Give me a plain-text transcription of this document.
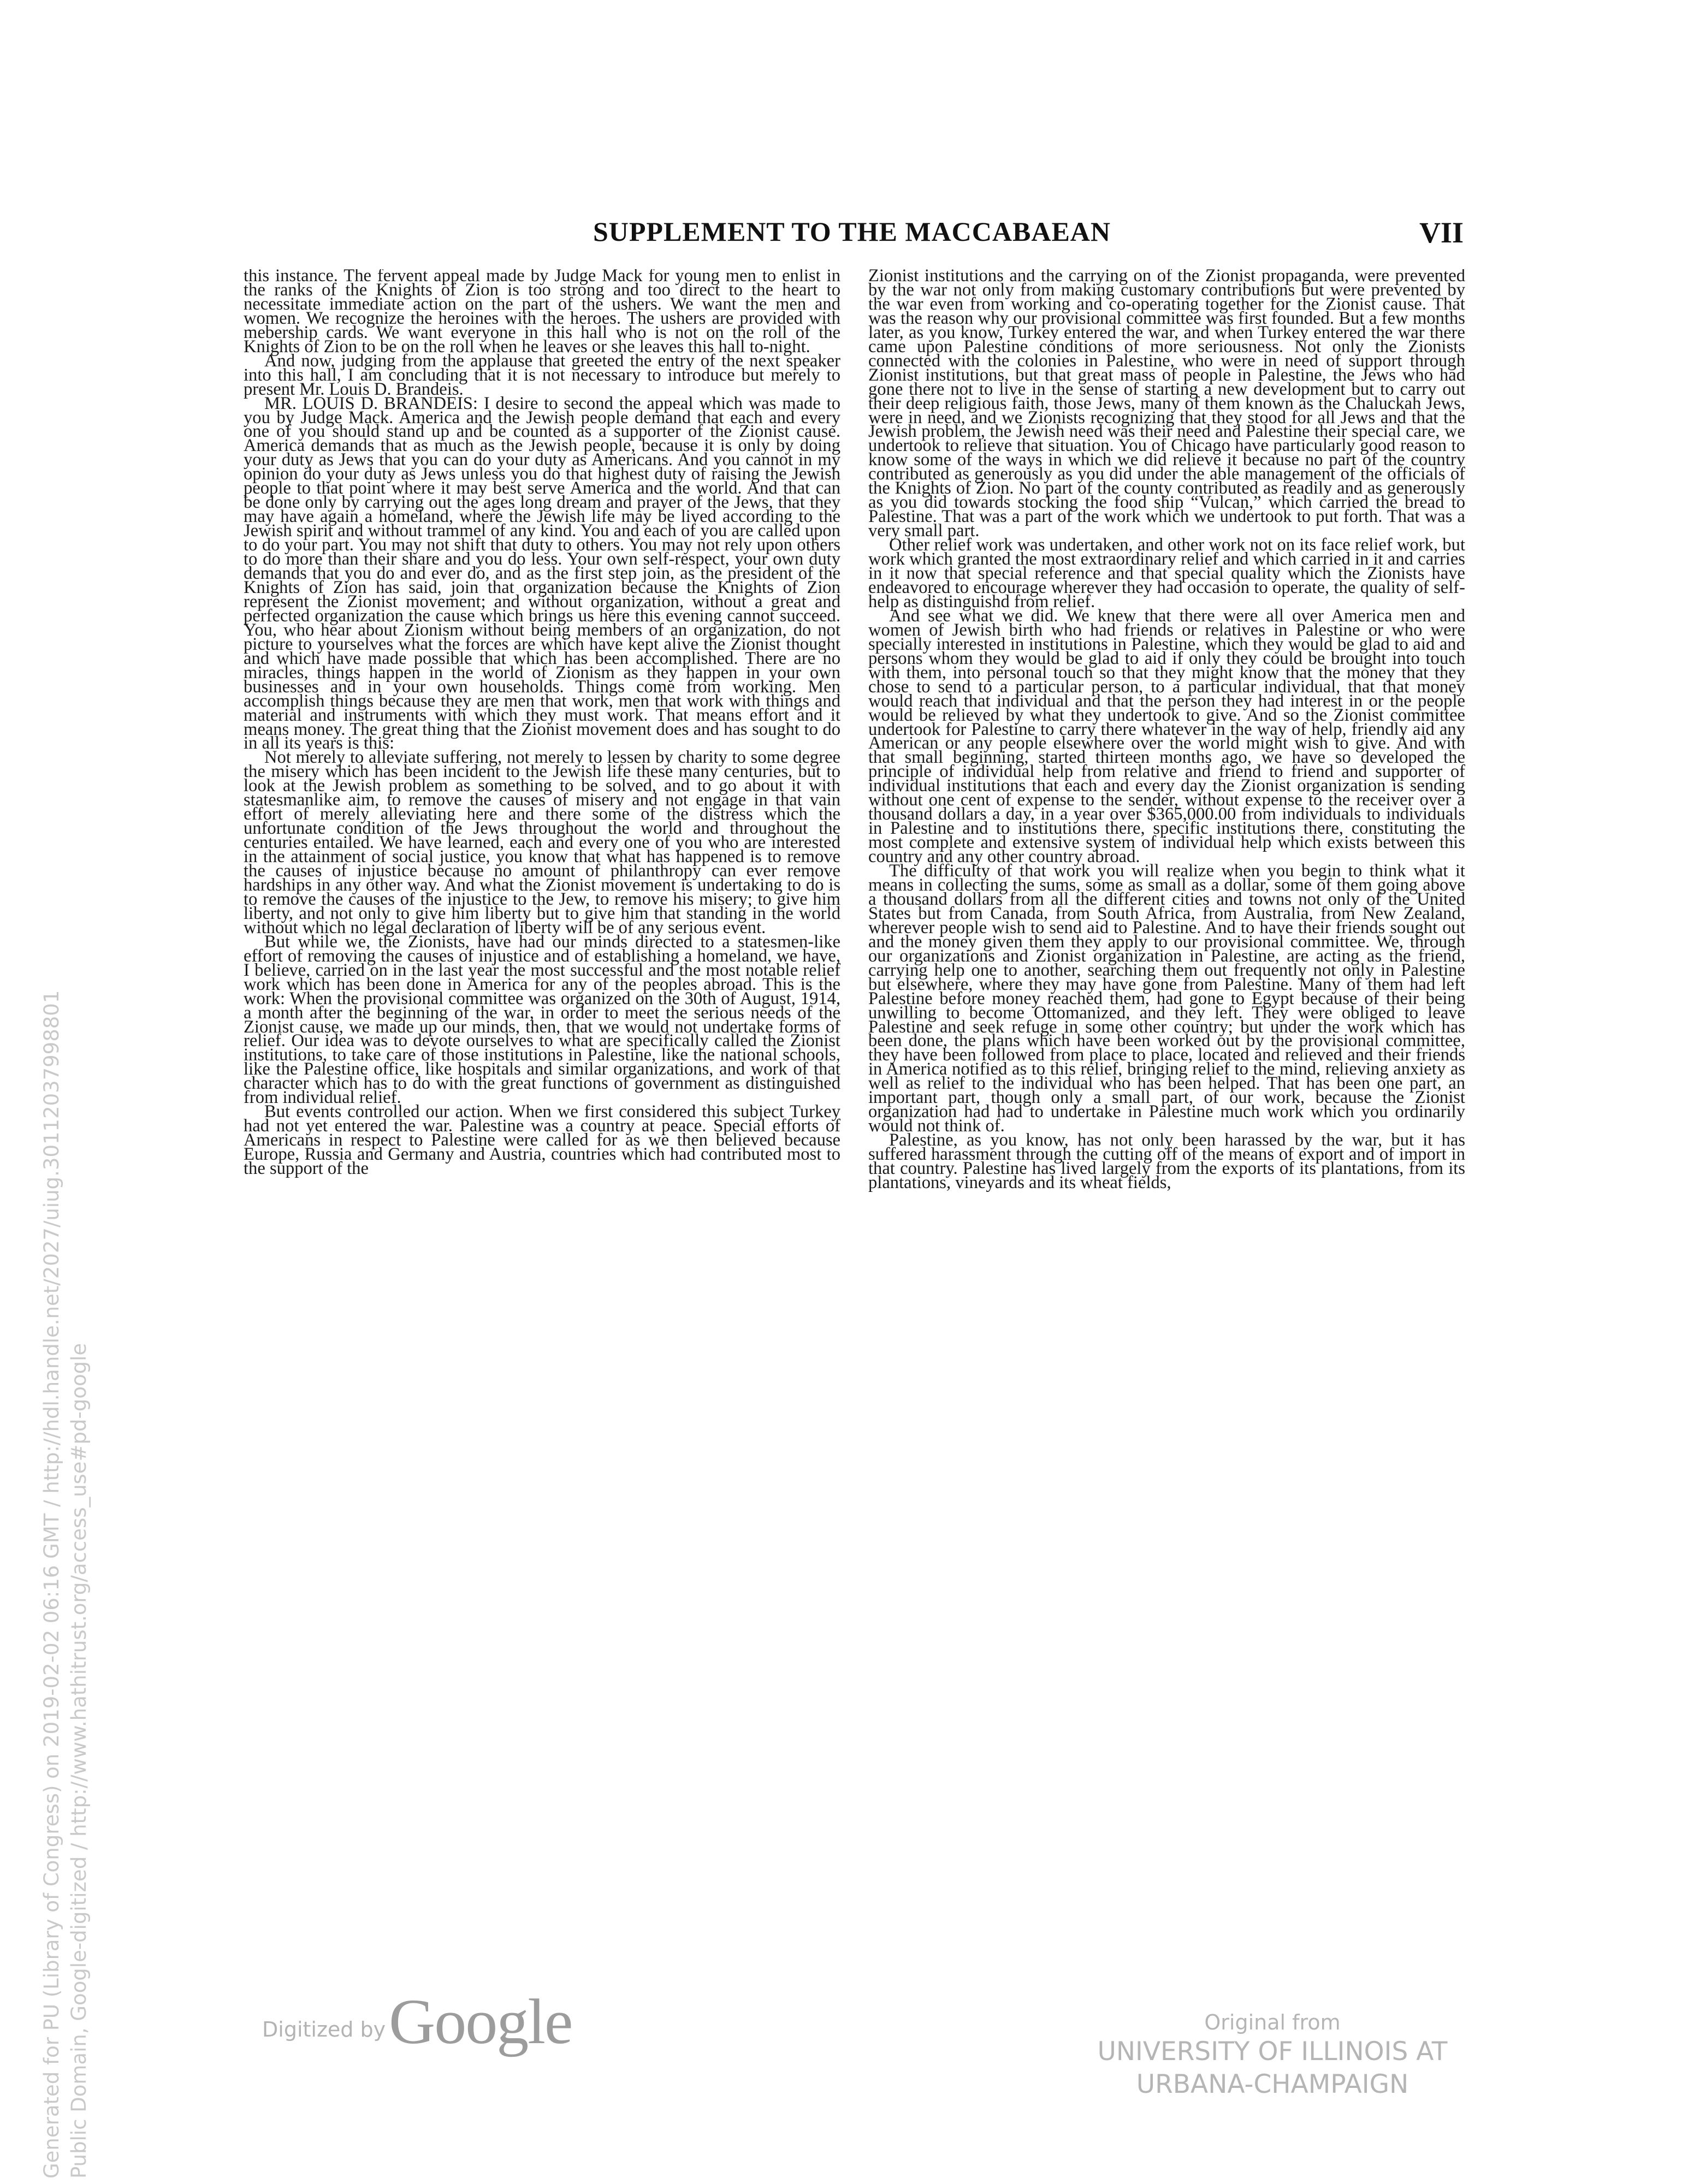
SUPPLEMENT TO THE MACCABAEAN	VII

this instance. The fervent appeal made by Judge Mack for young men to enlist in the ranks of the Knights of Zion is too strong and too direct to the heart to necessitate immediate action on the part of the ushers. We want the men and women. We recognize the heroines with the heroes. The ushers are provided with mebership cards. We want everyone in this hall who is not on the roll of the Knights of Zion to be on the roll when he leaves or she leaves this hall to-night.

And now, judging from the applause that greeted the entry of the next speaker into this hall, I am concluding that it is not necessary to introduce but merely to present Mr. Louis D. Brandeis.

MR. LOUIS D. BRANDEIS: I desire to second the appeal which was made to you by Judge Mack. America and the Jewish people demand that each and every one of you should stand up and be counted as a supporter of the Zionist cause. America demands that as much as the Jewish people, because it is only by doing your duty as Jews that you can do your duty as Americans. And you cannot in my opinion do your duty as Jews unless you do that highest duty of raising the Jewish people to that point where it may best serve America and the world. And that can be done only by carrying out the ages long dream and prayer of the Jews, that they may have again a homeland, where the Jewish life may be lived according to the Jewish spirit and without trammel of any kind. You and each of you are called upon to do your part. You may not shift that duty to others. You may not rely upon others to do more than their share and you do less. Your own self-respect, your own duty demands that you do and ever do, and as the first step join, as the president of the Knights of Zion has said, join that organization because the Knights of Zion represent the Zionist movement; and without organization, without a great and perfected organization the cause which brings us here this evening cannot succeed. You, who hear about Zionism without being members of an organization, do not picture to yourselves what the forces are which have kept alive the Zionist thought and which have made possible that which has been accomplished. There are no miracles, things happen in the world of Zionism as they happen in your own businesses and in your own households. Things come from working. Men accomplish things because they are men that work, men that work with things and material and instruments with which they must work. That means effort and it means money. The great thing that the Zionist movement does and has sought to do in all its years is this:

Not merely to alleviate suffering, not merely to lessen by charity to some degree the misery which has been incident to the Jewish life these many centuries, but to look at the Jewish problem as something to be solved, and to go about it with statesmanlike aim, to remove the causes of misery and not engage in that vain effort of merely alleviating here and there some of the distress which the unfortunate condition of the Jews throughout the world and throughout the centuries entailed. We have learned, each and every one of you who are interested in the attainment of social justice, you know that what has happened is to remove the causes of injustice because no amount of philanthropy can ever remove hardships in any other way. And what the Zionist movement is undertaking to do is to remove the causes of the injustice to the Jew, to remove his misery; to give him liberty, and not only to give him liberty but to give him that standing in the world without which no legal declaration of liberty will be of any serious event.

But while we, the Zionists, have had our minds directed to a statesmen-like effort of removing the causes of injustice and of establishing a homeland, we have, I believe, carried on in the last year the most successful and the most notable relief work which has been done in America for any of the peoples abroad. This is the work: When the provisional committee was organized on the 30th of August, 1914, a month after the beginning of the war, in order to meet the serious needs of the Zionist cause, we made up our minds, then, that we would not undertake forms of relief. Our idea was to devote ourselves to what are specifically called the Zionist institutions, to take care of those institutions in Palestine, like the national schools, like the Palestine office, like hospitals and similar organizations, and work of that character which has to do with the great functions of government as distinguished from individual relief.

But events controlled our action. When we first considered this subject Turkey had not yet entered the war. Palestine was a country at peace. Special efforts of Americans in respect to Palestine were called for as we then believed because Europe, Russia and Germany and Austria, countries which had contributed most to the support of the

Zionist institutions and the carrying on of the Zionist propaganda, were prevented by the war not only from making customary contributions but were prevented by the war even from working and co-operating together for the Zionist cause. That was the reason why our provisional committee was first founded. But a few months later, as you know, Turkey entered the war, and when Turkey entered the war there came upon Palestine conditions of more seriousness. Not only the Zionists connected with the colonies in Palestine, who were in need of support through Zionist institutions, but that great mass of people in Palestine, the Jews who had gone there not to live in the sense of starting a new development but to carry out their deep religious faith, those Jews, many of them known as the Chaluckah Jews, were in need, and we Zionists recognizing that they stood for all Jews and that the Jewish problem, the Jewish need was their need and Palestine their special care, we undertook to relieve that situation. You of Chicago have particularly good reason to know some of the ways in which we did relieve it because no part of the country contributed as generously as you did under the able management of the officials of the Knights of Zion. No part of the county contributed as readily and as generously as you did towards stocking the food ship “Vulcan,” which carried the bread to Palestine. That was a part of the work which we undertook to put forth. That was a very small part.

Other relief work was undertaken, and other work not on its face relief work, but work which granted the most extraordinary relief and which carried in it and carries in it now that special reference and that special quality which the Zionists have endeavored to encourage wherever they had occasion to operate, the quality of self-help as distinguishd from relief.

And see what we did. We knew that there were all over America men and women of Jewish birth who had friends or relatives in Palestine or who were specially interested in institutions in Palestine, which they would be glad to aid and persons whom they would be glad to aid if only they could be brought into touch with them, into personal touch so that they might know that the money that they chose to send to a particular person, to a particular individual, that that money would reach that individual and that the person they had interest in or the people would be relieved by what they undertook to give. And so the Zionist committee undertook for Palestine to carry there whatever in the way of help, friendly aid any American or any people elsewhere over the world might wish to give. And with that small beginning, started thirteen months ago, we have so developed the principle of individual help from relative and friend to friend and supporter of individual institutions that each and every day the Zionist organization is sending without one cent of expense to the sender, without expense to the receiver over a thousand dollars a day, in a year over $365,000.00 from individuals to individuals in Palestine and to institutions there, specific institutions there, constituting the most complete and extensive system of individual help which exists between this country and any other country abroad.

The difficulty of that work you will realize when you begin to think what it means in collecting the sums, some as small as a dollar, some of them going above a thousand dollars from all the different cities and towns not only of the United States but from Canada, from South Africa, from Australia, from New Zealand, wherever people wish to send aid to Palestine. And to have their friends sought out and the money given them they apply to our provisional committee. We, through our organizations and Zionist organization in Palestine, are acting as the friend, carrying help one to another, searching them out frequently not only in Palestine but elsewhere, where they may have gone from Palestine. Many of them had left Palestine before money reached them, had gone to Egypt because of their being unwilling to become Ottomanized, and they left. They were obliged to leave Palestine and seek refuge in some other country; but under the work which has been done, the plans which have been worked out by the provisional committee, they have been followed from place to place, located and relieved and their friends in America notified as to this relief, bringing relief to the mind, relieving anxiety as well as relief to the individual who has been helped. That has been one part, an important part, though only a small part, of our work, because the Zionist organization had had to undertake in Palestine much work which you ordinarily would not think of.

Palestine, as you know, has not only been harassed by the war, but it has suffered harassment through the cutting off of the means of export and of import in that country. Palestine has lived largely from the exports of its plantations, from its plantations, vineyards and its wheat fields,

Generated for PU (Library of Congress) on 2019-02-02 06:16 GMT / http://hdl.handle.net/2027/uiug.30112037998801 Public Domain, Google-digitized / http://www.hathitrust.org/access_use#pd-google	Digitized by Google	Original from
UNIVERSITY OF ILLINOIS AT
URBANA-CHAMPAIGN
